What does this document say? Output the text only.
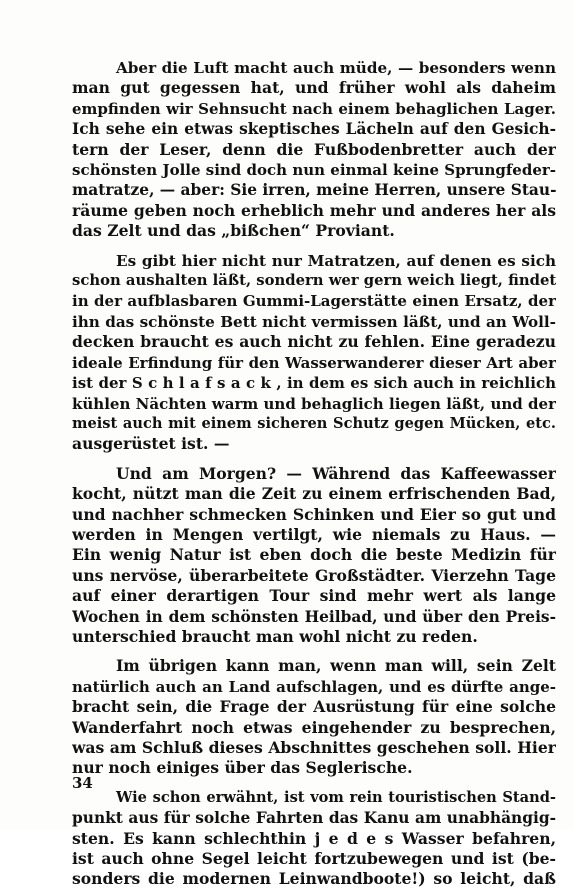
Aber die Luft macht auch müde, — besonders wenn
man gut gegessen hat, und früher wohl als daheim
empfinden wir Sehnsucht nach einem behaglichen Lager.
Ich sehe ein etwas skeptisches Lächeln auf den Gesich-
tern der Leser, denn die Fußbodenbretter auch der
schönsten Jolle sind doch nun einmal keine Sprungfeder-
matratze, — aber: Sie irren, meine Herren, unsere Stau-
räume geben noch erheblich mehr und anderes her als
das Zelt und das „bißchen“ Proviant.
Es gibt hier nicht nur Matratzen, auf denen es sich
schon aushalten läßt, sondern wer gern weich liegt, findet
in der aufblasbaren Gummi-Lagerstätte einen Ersatz, der
ihn das schönste Bett nicht vermissen läßt, und an Woll-
decken braucht es auch nicht zu fehlen. Eine geradezu
ideale Erfindung für den Wasserwanderer dieser Art aber
ist der S c h l a f s a c k , in dem es sich auch in reichlich
kühlen Nächten warm und behaglich liegen läßt, und der
meist auch mit einem sicheren Schutz gegen Mücken, etc.
ausgerüstet ist. —
Und am Morgen? — Während das Kaffeewasser
kocht, nützt man die Zeit zu einem erfrischenden Bad,
und nachher schmecken Schinken und Eier so gut und
werden in Mengen vertilgt, wie niemals zu Haus. —
Ein wenig Natur ist eben doch die beste Medizin für
uns nervöse, überarbeitete Großstädter. Vierzehn Tage
auf einer derartigen Tour sind mehr wert als lange
Wochen in dem schönsten Heilbad, und über den Preis-
unterschied braucht man wohl nicht zu reden.
Im übrigen kann man, wenn man will, sein Zelt
natürlich auch an Land aufschlagen, und es dürfte ange-
bracht sein, die Frage der Ausrüstung für eine solche
Wanderfahrt noch etwas eingehender zu besprechen,
was am Schluß dieses Abschnittes geschehen soll. Hier
nur noch einiges über das Seglerische.
Wie schon erwähnt, ist vom rein touristischen Stand-
punkt aus für solche Fahrten das Kanu am unabhängig-
sten. Es kann schlechthin j e d e s Wasser befahren,
ist auch ohne Segel leicht fortzubewegen und ist (be-
sonders die modernen Leinwandboote!) so leicht, daß
34
